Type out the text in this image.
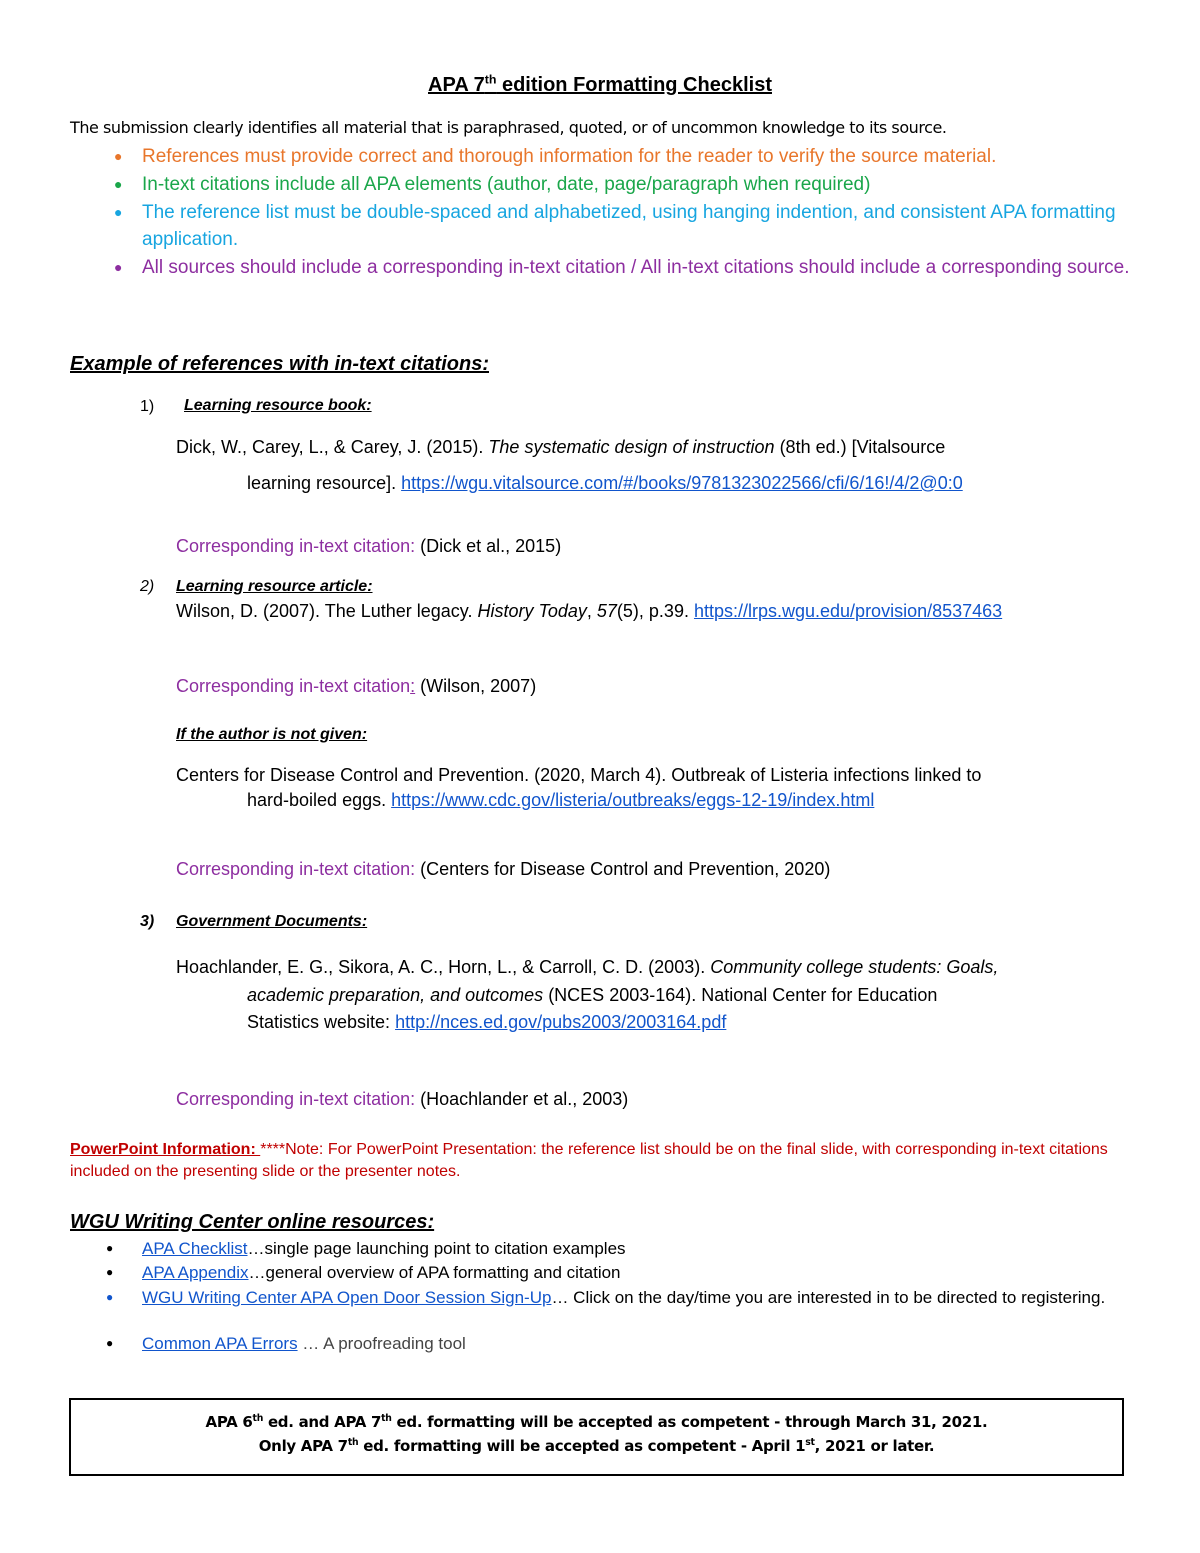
APA 7th edition Formatting Checklist
The submission clearly identifies all material that is paraphrased, quoted, or of uncommon knowledge to its source.
● References must provide correct and thorough information for the reader to verify the source material.
● In-text citations include all APA elements (author, date, page/paragraph when required)
● The reference list must be double-spaced and alphabetized, using hanging indention, and consistent APA formatting application.
● All sources should include a corresponding in-text citation / All in-text citations should include a corresponding source.
Example of references with in-text citations:
1) Learning resource book:
Dick, W., Carey, L., & Carey, J. (2015). The systematic design of instruction (8th ed.) [Vitalsource
learning resource]. https://wgu.vitalsource.com/#/books/9781323022566/cfi/6/16!/4/2@0:0
Corresponding in-text citation: (Dick et al., 2015)
2) Learning resource article:
Wilson, D. (2007). The Luther legacy. History Today, 57(5), p.39. https://lrps.wgu.edu/provision/8537463
Corresponding in-text citation: (Wilson, 2007)
If the author is not given:
Centers for Disease Control and Prevention. (2020, March 4). Outbreak of Listeria infections linked to
hard-boiled eggs. https://www.cdc.gov/listeria/outbreaks/eggs-12-19/index.html
Corresponding in-text citation: (Centers for Disease Control and Prevention, 2020)
3) Government Documents:
Hoachlander, E. G., Sikora, A. C., Horn, L., & Carroll, C. D. (2003). Community college students: Goals,
academic preparation, and outcomes (NCES 2003-164). National Center for Education
Statistics website: http://nces.ed.gov/pubs2003/2003164.pdf
Corresponding in-text citation: (Hoachlander et al., 2003)
PowerPoint Information: ****Note: For PowerPoint Presentation: the reference list should be on the final slide, with corresponding in-text citations included on the presenting slide or the presenter notes.
WGU Writing Center online resources:
● APA Checklist…single page launching point to citation examples
● APA Appendix…general overview of APA formatting and citation
● WGU Writing Center APA Open Door Session Sign-Up… Click on the day/time you are interested in to be directed to registering.
● Common APA Errors … A proofreading tool
APA 6th ed. and APA 7th ed. formatting will be accepted as competent - through March 31, 2021.
Only APA 7th ed. formatting will be accepted as competent - April 1st, 2021 or later.
